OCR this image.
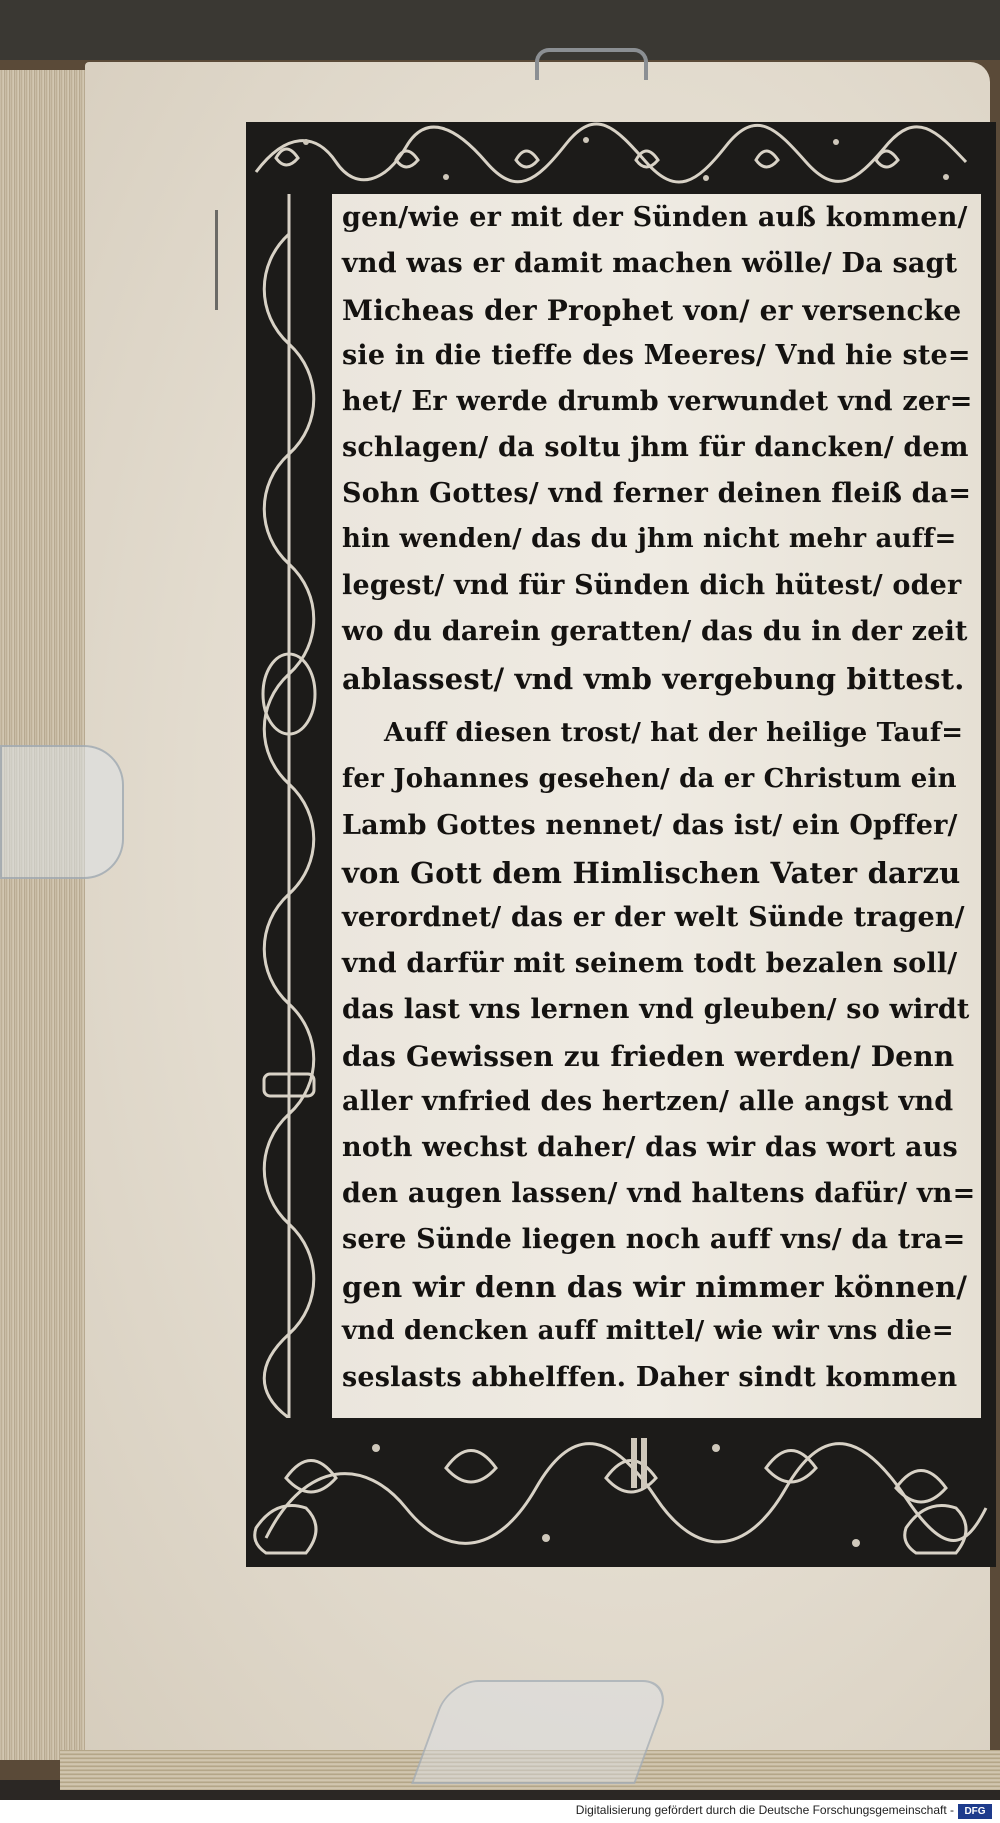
gen/wie er mit der Sünden auß kommen/
vnd was er damit machen wölle/ Da sagt
Micheas der Prophet von/ er versencke
sie in die tieffe des Meeres/ Vnd hie ste=
het/ Er werde drumb verwundet vnd zer=
schlagen/ da soltu jhm für dancken/ dem
Sohn Gottes/ vnd ferner deinen fleiß da=
hin wenden/ das du jhm nicht mehr auff=
legest/ vnd für Sünden dich hütest/ oder
wo du darein geratten/ das du in der zeit
ablassest/ vnd vmb vergebung bittest.
Auff diesen trost/ hat der heilige Tauf=
fer Johannes gesehen/ da er Christum ein
Lamb Gottes nennet/ das ist/ ein Opffer/
von Gott dem Himlischen Vater darzu
verordnet/ das er der welt Sünde tragen/
vnd darfür mit seinem todt bezalen soll/
das last vns lernen vnd gleuben/ so wirdt
das Gewissen zu frieden werden/ Denn
aller vnfried des hertzen/ alle angst vnd
noth wechst daher/ das wir das wort aus
den augen lassen/ vnd haltens dafür/ vn=
sere Sünde liegen noch auff vns/ da tra=
gen wir denn das wir nimmer können/
vnd dencken auff mittel/ wie wir vns die=
seslasts abhelffen. Daher sindt kommen
Digitalisierung gefördert durch die Deutsche Forschungsgemeinschaft -	DFG
